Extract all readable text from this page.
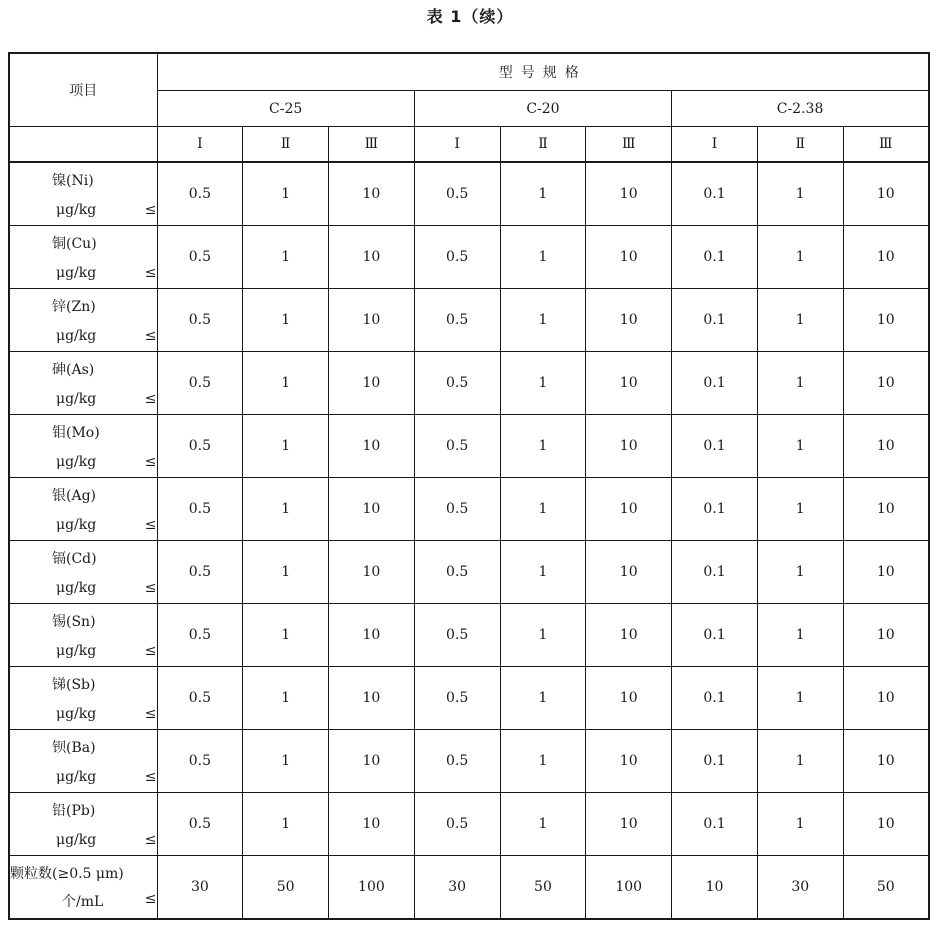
表 1（续）
项目	型号规格								
	C-25			C-20			C-2.38		
	Ⅰ	Ⅱ	Ⅲ	Ⅰ	Ⅱ	Ⅲ	Ⅰ	Ⅱ	Ⅲ

镍(Ni)
μg/kg ≤	0.5	1	10	0.5	1	10	0.1	1	10

铜(Cu)
μg/kg ≤	0.5	1	10	0.5	1	10	0.1	1	10

锌(Zn)
μg/kg ≤	0.5	1	10	0.5	1	10	0.1	1	10

砷(As)
μg/kg ≤	0.5	1	10	0.5	1	10	0.1	1	10

钼(Mo)
μg/kg ≤	0.5	1	10	0.5	1	10	0.1	1	10

银(Ag)
μg/kg ≤	0.5	1	10	0.5	1	10	0.1	1	10

镉(Cd)
μg/kg ≤	0.5	1	10	0.5	1	10	0.1	1	10

锡(Sn)
μg/kg ≤	0.5	1	10	0.5	1	10	0.1	1	10

锑(Sb)
μg/kg ≤	0.5	1	10	0.5	1	10	0.1	1	10

钡(Ba)
μg/kg ≤	0.5	1	10	0.5	1	10	0.1	1	10

铅(Pb)
μg/kg ≤	0.5	1	10	0.5	1	10	0.1	1	10

颗粒数(≥0.5 μm)
个/mL ≤	30	50	100	30	50	100	10	30	50
